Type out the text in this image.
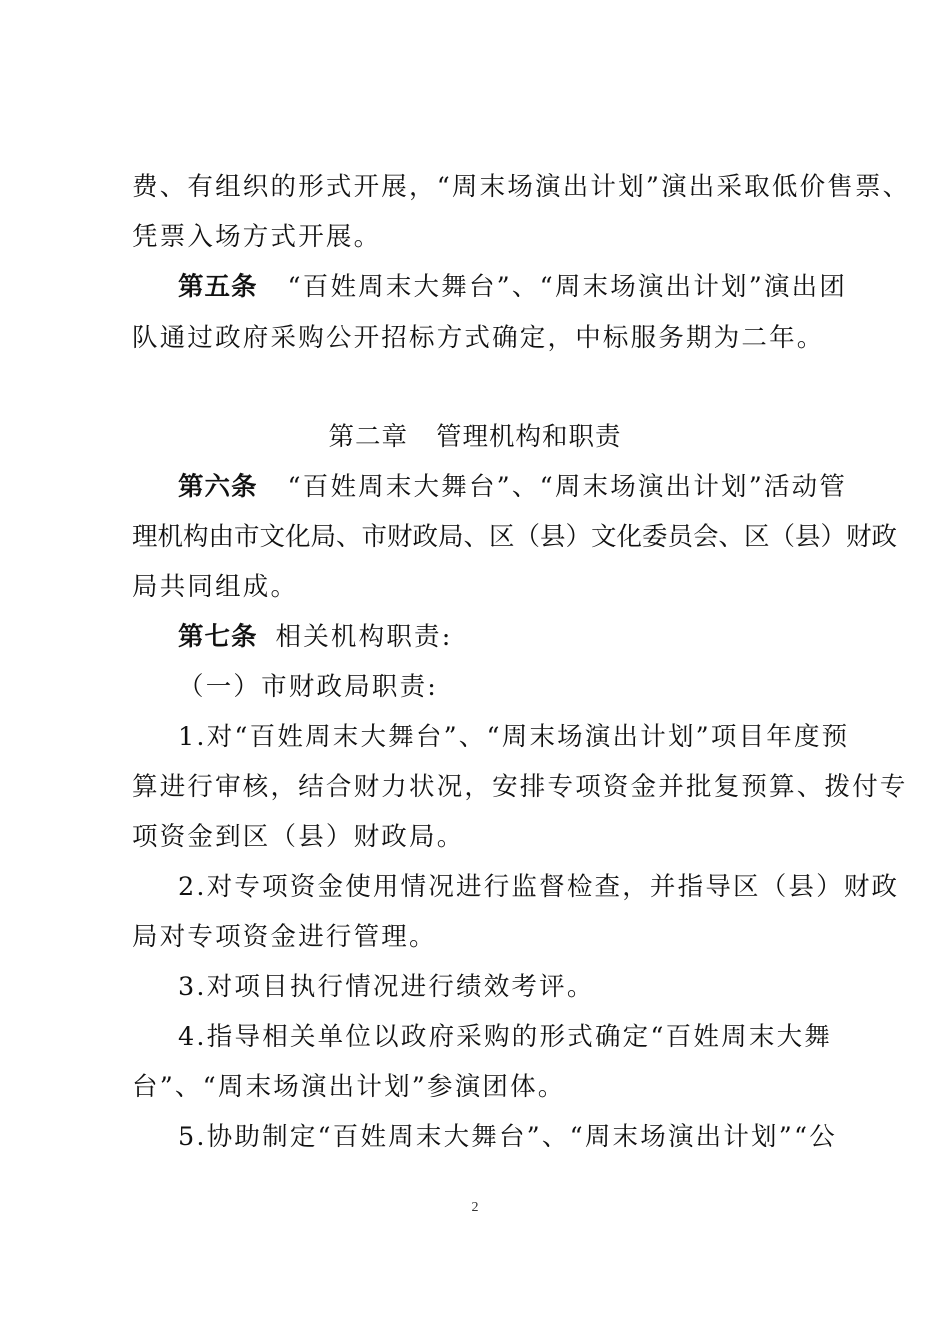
费、有组织的形式开展，“周末场演出计划”演出采取低价售票、
凭票入场方式开展。
第五条 “百姓周末大舞台”、“周末场演出计划”演出团
队通过政府采购公开招标方式确定，中标服务期为二年。
第二章 管理机构和职责
第六条 “百姓周末大舞台”、“周末场演出计划”活动管
理机构由市文化局、市财政局、区（县）文化委员会、区（县）财政
局共同组成。
第七条 相关机构职责:
（一）市财政局职责:
1.对“百姓周末大舞台”、“周末场演出计划”项目年度预
算进行审核，结合财力状况，安排专项资金并批复预算、拨付专
项资金到区（县）财政局。
2.对专项资金使用情况进行监督检查，并指导区（县）财政
局对专项资金进行管理。
3.对项目执行情况进行绩效考评。
4.指导相关单位以政府采购的形式确定“百姓周末大舞
台”、“周末场演出计划”参演团体。
5.协助制定“百姓周末大舞台”、“周末场演出计划”“公
2
